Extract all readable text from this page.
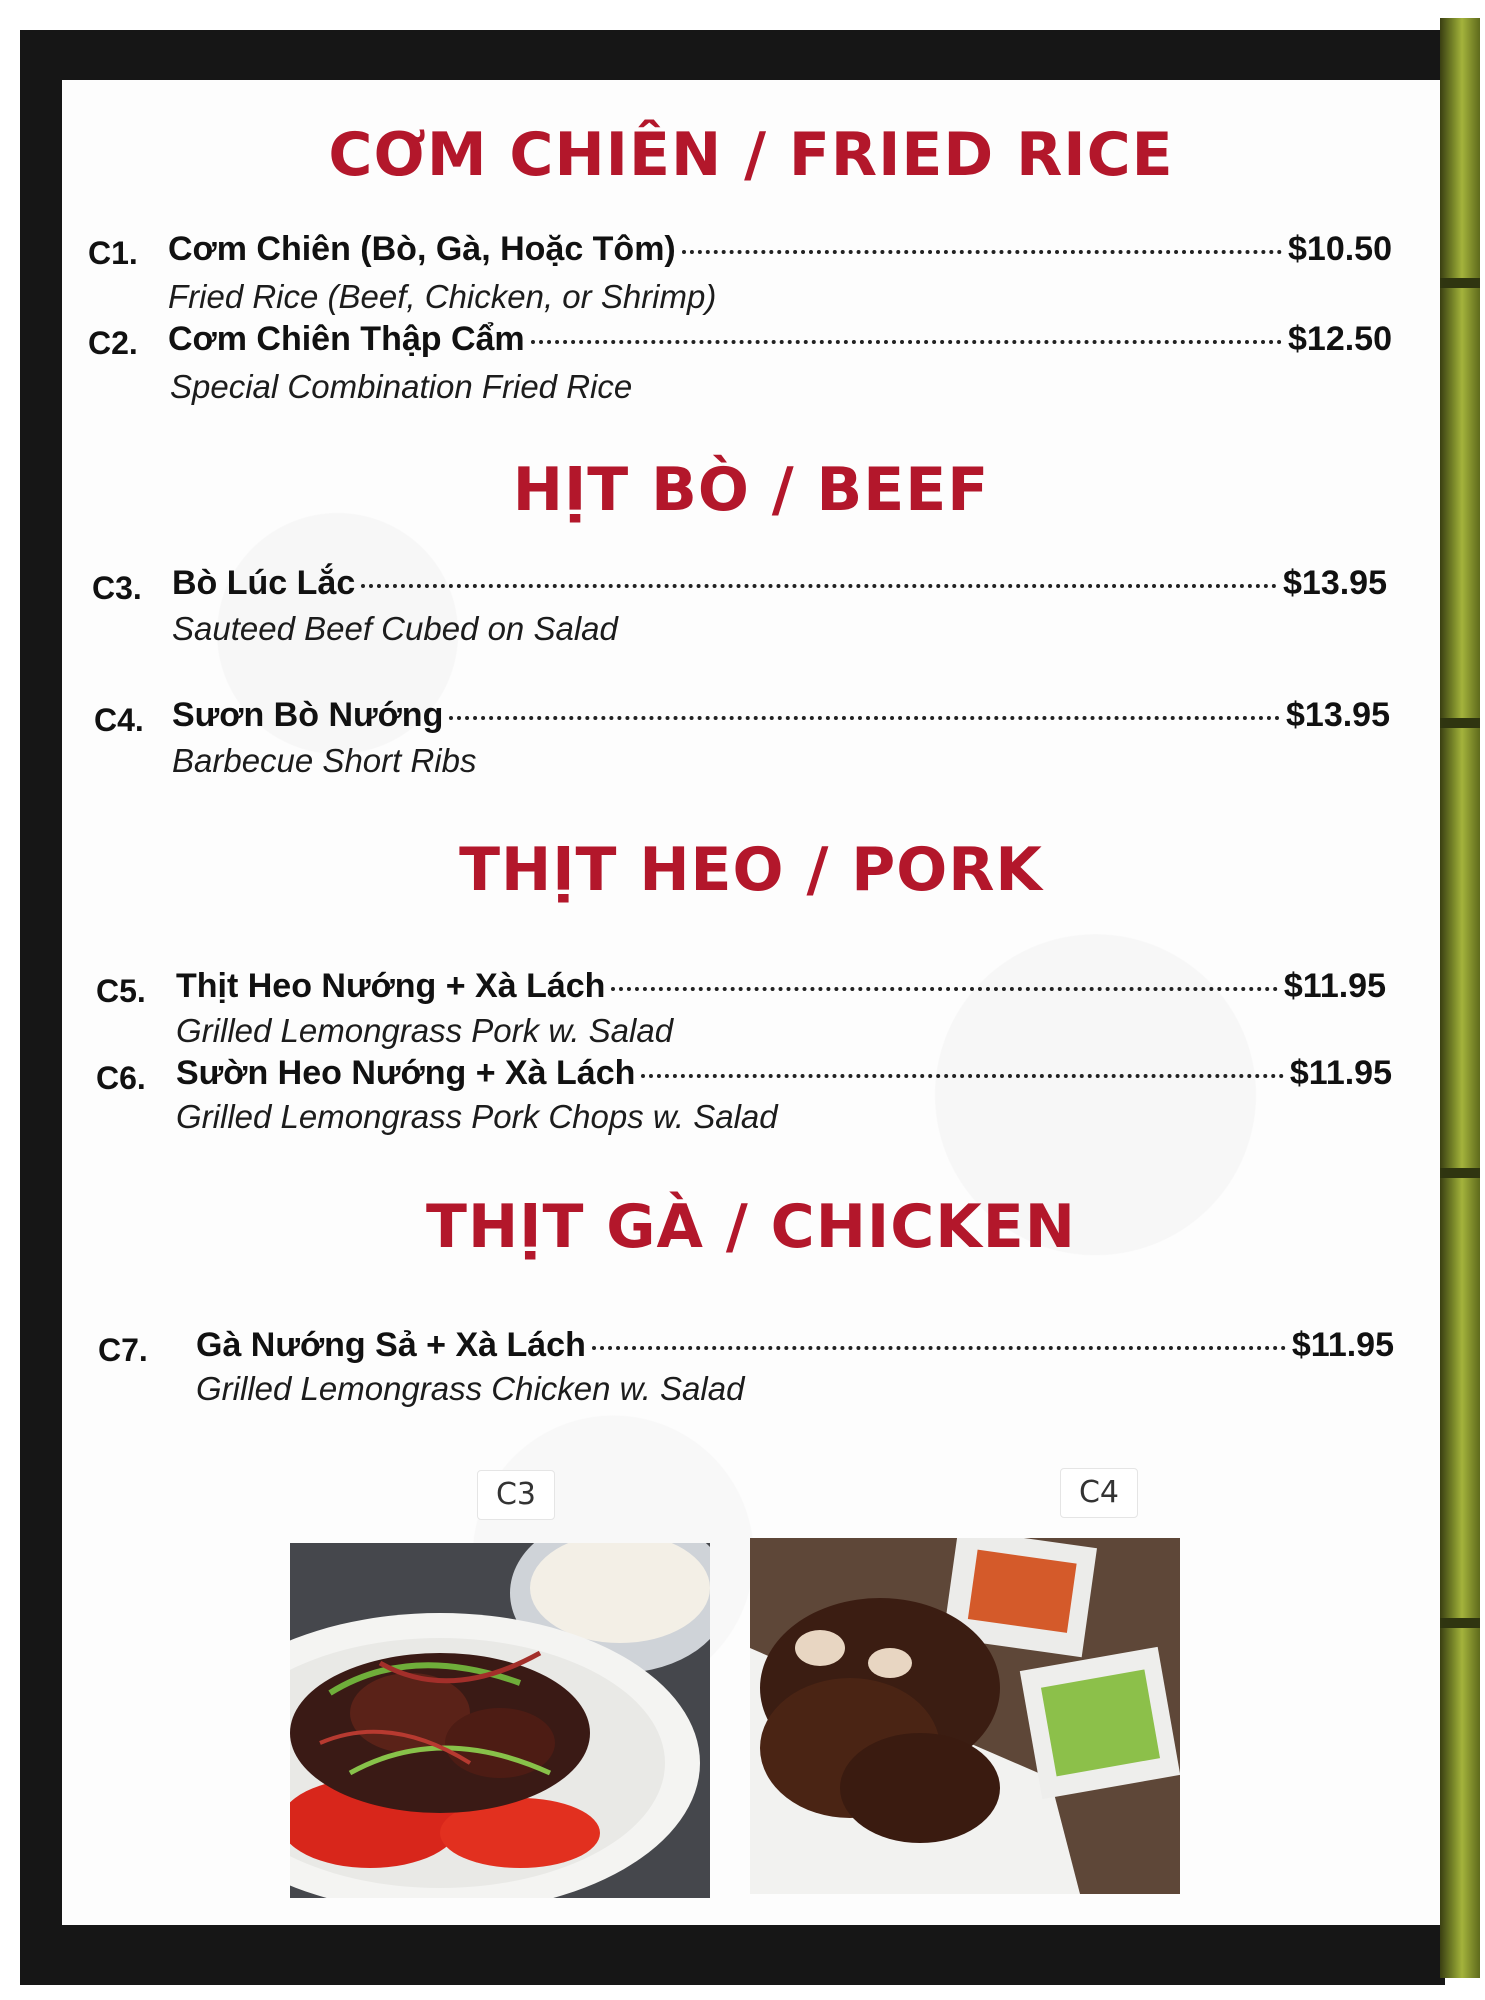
CƠM CHIÊN / FRIED RICE
C1. Cơm Chiên (Bò, Gà, Hoặc Tôm)	$10.50
Fried Rice (Beef, Chicken, or Shrimp)
C2. Cơm Chiên Thập Cẩm	$12.50
Special Combination Fried Rice
HỊT BÒ / BEEF
C3. Bò Lúc Lắc	$13.95
Sauteed Beef Cubed on Salad
C4. Sươn Bò Nướng	$13.95
Barbecue Short Ribs
THỊT HEO / PORK
C5. Thịt Heo Nướng + Xà Lách	$11.95
Grilled Lemongrass Pork w. Salad
C6. Sườn Heo Nướng + Xà Lách	$11.95
Grilled Lemongrass Pork Chops w. Salad
THỊT GÀ / CHICKEN
C7. Gà Nướng Sả + Xà Lách	$11.95
Grilled Lemongrass Chicken w. Salad
C3	C4
